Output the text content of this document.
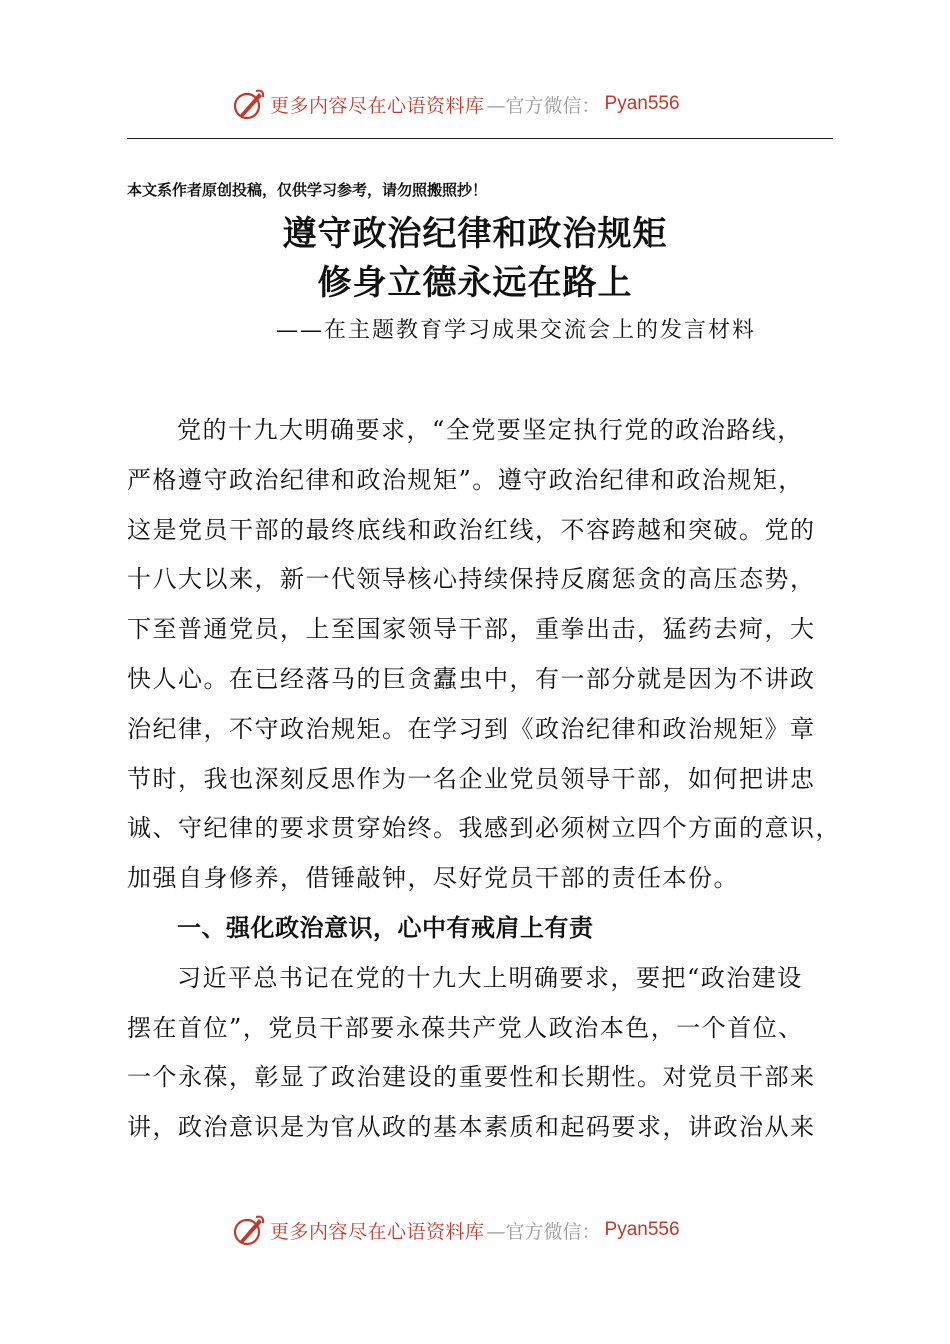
更多内容尽在心语资料库 —官方微信： Pyan556
本文系作者原创投稿，仅供学习参考，请勿照搬照抄！
遵守政治纪律和政治规矩
修身立德永远在路上
——在主题教育学习成果交流会上的发言材料
党的十九大明确要求，“全党要坚定执行党的政治路线，
严格遵守政治纪律和政治规矩”。遵守政治纪律和政治规矩，
这是党员干部的最终底线和政治红线，不容跨越和突破。党的
十八大以来，新一代领导核心持续保持反腐惩贪的高压态势，
下至普通党员，上至国家领导干部，重拳出击，猛药去疴，大
快人心。在已经落马的巨贪蠹虫中，有一部分就是因为不讲政
治纪律，不守政治规矩。在学习到《政治纪律和政治规矩》章
节时，我也深刻反思作为一名企业党员领导干部，如何把讲忠
诚、守纪律的要求贯穿始终。我感到必须树立四个方面的意识，
加强自身修养，借锤敲钟，尽好党员干部的责任本份。
一、强化政治意识，心中有戒肩上有责
习近平总书记在党的十九大上明确要求，要把“政治建设
摆在首位”，党员干部要永葆共产党人政治本色，一个首位、
一个永葆，彰显了政治建设的重要性和长期性。对党员干部来
讲，政治意识是为官从政的基本素质和起码要求，讲政治从来
更多内容尽在心语资料库 —官方微信： Pyan556
